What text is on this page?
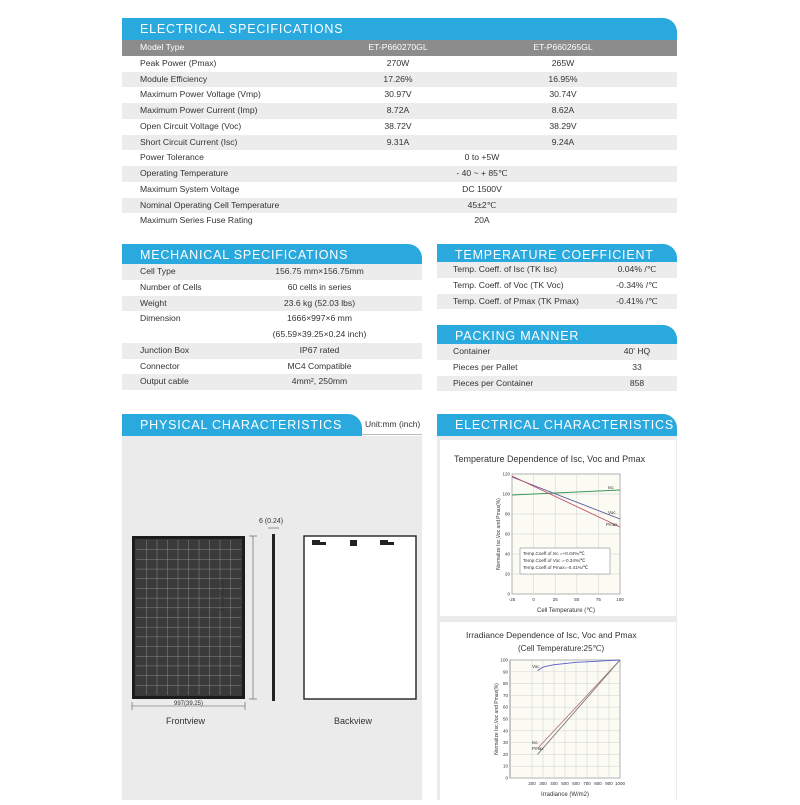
ELECTRICAL SPECIFICATIONS
Model Type	ET-P660270GL	ET-P660265GL
Peak Power (Pmax)	270W	265W
Module Efficiency	17.26%	16.95%
Maximum Power Voltage (Vmp)	30.97V	30.74V
Maximum Power Current (Imp)	8.72A	8.62A
Open Circuit Voltage (Voc)	38.72V	38.29V
Short Circuit Current (Isc)	9.31A	9.24A
Power Tolerance	0 to +5W
Operating Temperature	- 40 ~ + 85℃
Maximum System Voltage	DC 1500V
Nominal Operating Cell Temperature	45±2℃
Maximum Series Fuse Rating	20A
MECHANICAL SPECIFICATIONS
Cell Type	156.75 mm×156.75mm
Number of Cells	60 cells in series
Weight	23.6 kg (52.03 lbs)
Dimension	1666×997×6 mm
(65.59×39.25×0.24 inch)
Junction Box	IP67 rated
Connector	MC4 Compatible
Output cable	4mm², 250mm
TEMPERATURE COEFFICIENT
Temp. Coeff. of Isc (TK Isc)	0.04% /℃
Temp. Coeff. of Voc (TK Voc)	-0.34% /℃
Temp. Coeff. of Pmax (TK Pmax)	-0.41% /℃
PACKING MANNER
Container	40' HQ
Pieces per Pallet	33
Pieces per Container	858
PHYSICAL CHARACTERISTICS	Unit:mm (inch)
6 (0.24)
1666(65.59)
997(39.25)
Frontview	Backview
ELECTRICAL CHARACTERISTICS
Temperature Dependence of Isc, Voc and Pmax
-25	0	25	50	75	100
0
20
40
60
80
100
120
Cell Temperature (℃)
Normalize Isc,Voc and Pmax(%)
Isc
Voc
Pmax
Temp.Coeff.of Isc =+0.04%/℃
Temp.Coeff.of Voc =-0.34%/℃
Temp.Coeff.of Pmax=-0.41%/℃
Irradiance Dependence of Isc, Voc and Pmax
(Cell Temperature:25℃)
200 300 400 500 600 700 800 900 1000
0
10
20
30
40
50
60
70
80
90
100
Irradiance (W/m2)
Normalize Isc,Voc and Pmax(%)
Voc
Isc
Pmax
